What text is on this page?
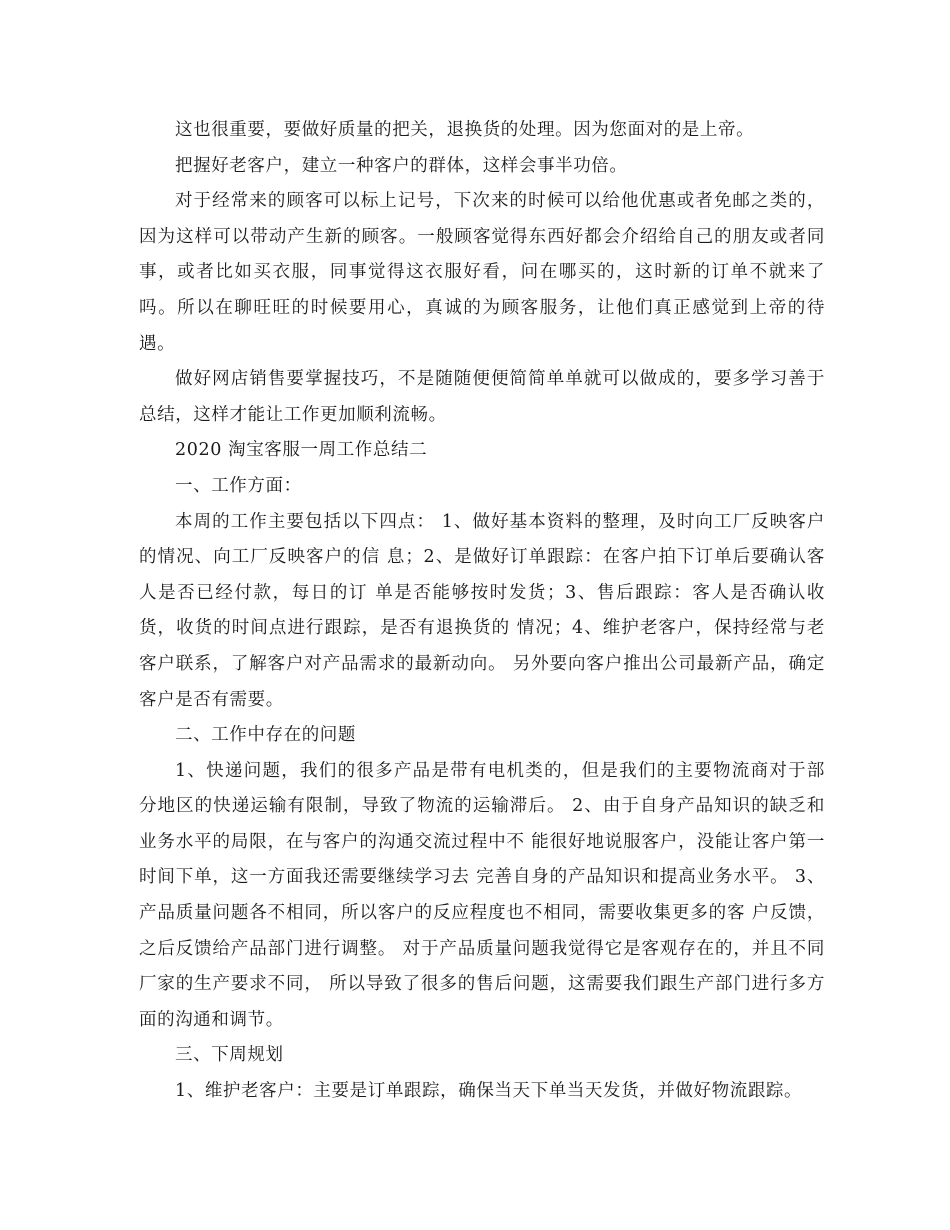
这也很重要，要做好质量的把关，退换货的处理。因为您面对的是上帝。

把握好老客户，建立一种客户的群体，这样会事半功倍。

对于经常来的顾客可以标上记号，下次来的时候可以给他优惠或者免邮之类的，因为这样可以带动产生新的顾客。一般顾客觉得东西好都会介绍给自己的朋友或者同事，或者比如买衣服，同事觉得这衣服好看，问在哪买的，这时新的订单不就来了吗。所以在聊旺旺的时候要用心，真诚的为顾客服务，让他们真正感觉到上帝的待遇。

做好网店销售要掌握技巧，不是随随便便简简单单就可以做成的，要多学习善于总结，这样才能让工作更加顺利流畅。

2020 淘宝客服一周工作总结二

一、工作方面：

本周的工作主要包括以下四点： 1、做好基本资料的整理，及时向工厂反映客户的情况、向工厂反映客户的信 息；2、是做好订单跟踪：在客户拍下订单后要确认客人是否已经付款，每日的订 单是否能够按时发货；3、售后跟踪：客人是否确认收货，收货的时间点进行跟踪，是否有退换货的 情况；4、维护老客户，保持经常与老客户联系，了解客户对产品需求的最新动向。 另外要向客户推出公司最新产品，确定客户是否有需要。

二、工作中存在的问题

1、快递问题，我们的很多产品是带有电机类的，但是我们的主要物流商对于部 分地区的快递运输有限制，导致了物流的运输滞后。 2、由于自身产品知识的缺乏和业务水平的局限，在与客户的沟通交流过程中不 能很好地说服客户，没能让客户第一时间下单，这一方面我还需要继续学习去 完善自身的产品知识和提高业务水平。 3、产品质量问题各不相同，所以客户的反应程度也不相同，需要收集更多的客 户反馈，之后反馈给产品部门进行调整。 对于产品质量问题我觉得它是客观存在的，并且不同厂家的生产要求不同， 所以导致了很多的售后问题，这需要我们跟生产部门进行多方面的沟通和调节。

三、下周规划

1、维护老客户：主要是订单跟踪，确保当天下单当天发货，并做好物流跟踪。
